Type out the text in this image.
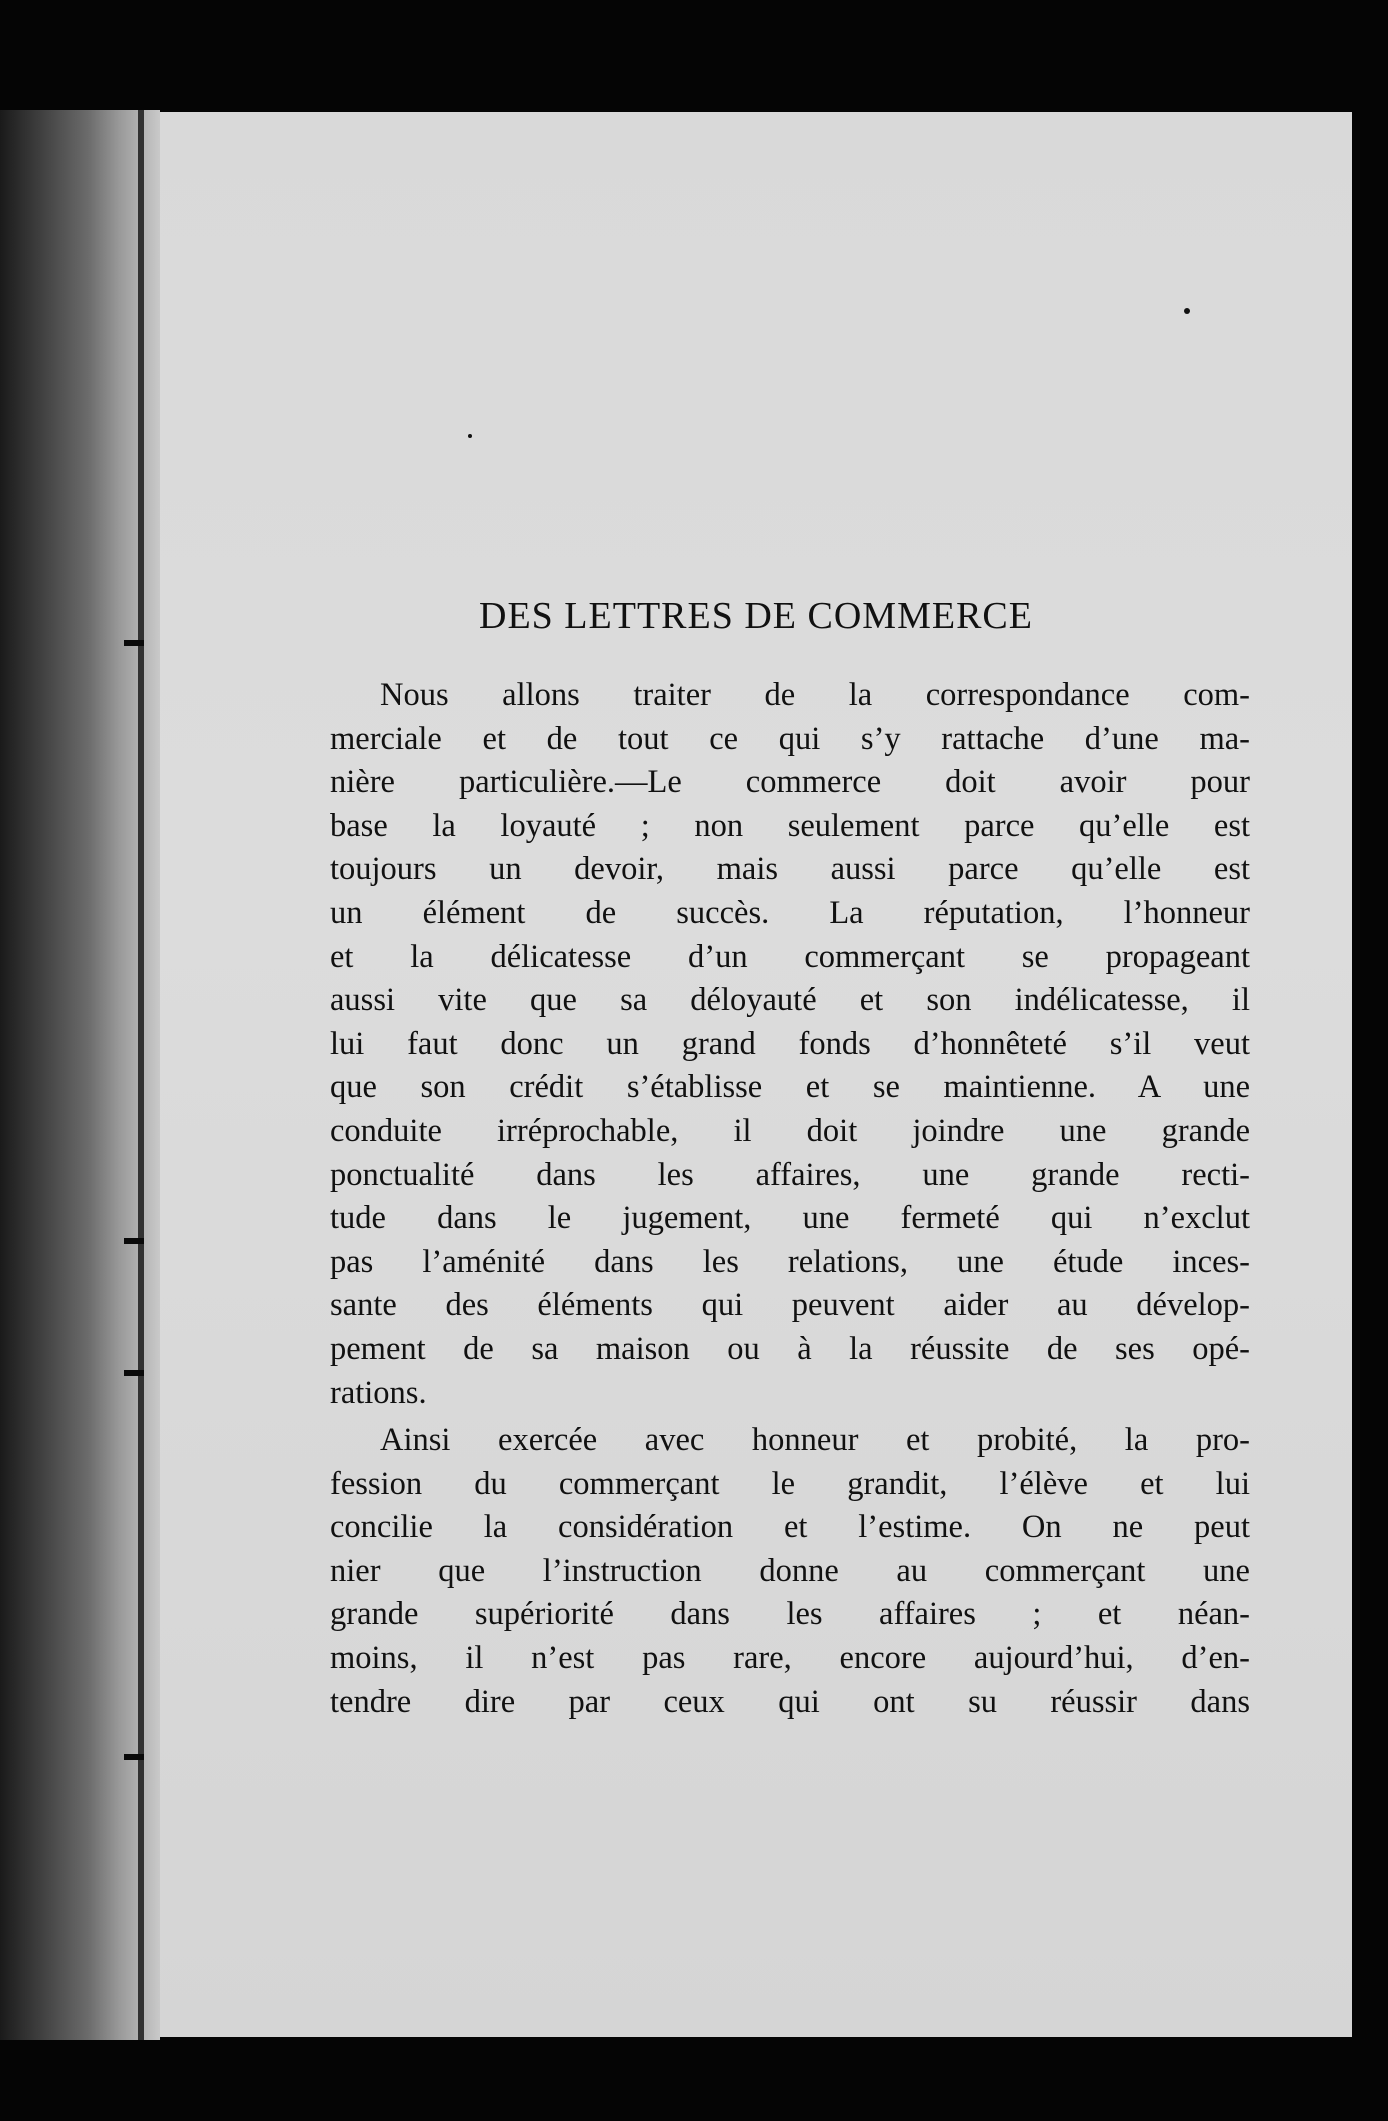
DES LETTRES DE COMMERCE
Nous allons traiter de la correspondance com-
merciale et de tout ce qui s’y rattache d’une ma-
nière particulière.—Le commerce doit avoir pour
base la loyauté ; non seulement parce qu’elle est
toujours un devoir, mais aussi parce qu’elle est
un élément de succès. La réputation, l’honneur
et la délicatesse d’un commerçant se propageant
aussi vite que sa déloyauté et son indélicatesse, il
lui faut donc un grand fonds d’honnêteté s’il veut
que son crédit s’établisse et se maintienne. A une
conduite irréprochable, il doit joindre une grande
ponctualité dans les affaires, une grande recti-
tude dans le jugement, une fermeté qui n’exclut
pas l’aménité dans les relations, une étude inces-
sante des éléments qui peuvent aider au dévelop-
pement de sa maison ou à la réussite de ses opé-
rations.
Ainsi exercée avec honneur et probité, la pro-
fession du commerçant le grandit, l’élève et lui
concilie la considération et l’estime. On ne peut
nier que l’instruction donne au commerçant une
grande supériorité dans les affaires ; et néan-
moins, il n’est pas rare, encore aujourd’hui, d’en-
tendre dire par ceux qui ont su réussir dans
